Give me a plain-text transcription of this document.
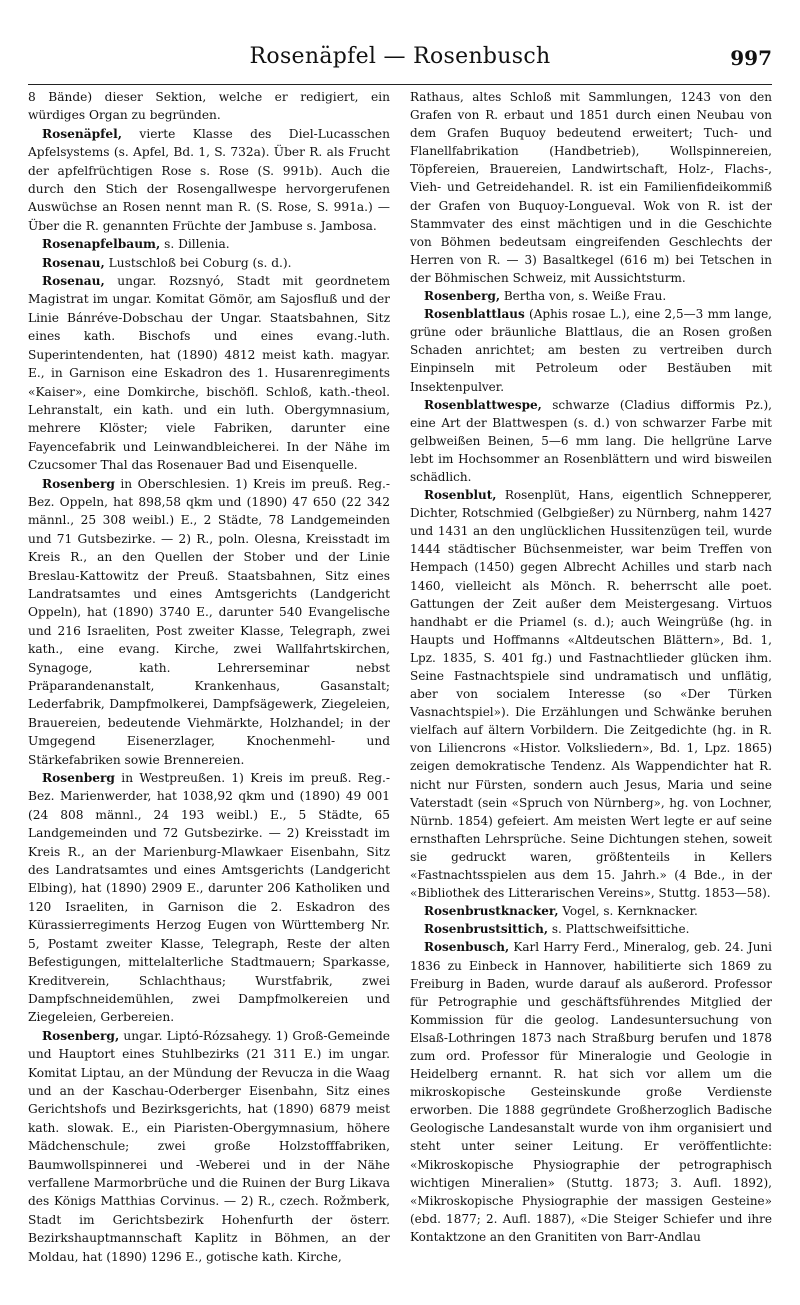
Rosenäpfel — Rosenbusch	997

8 Bände) dieser Sektion, welche er redigiert, ein würdiges Organ zu begründen.

Rosenäpfel, vierte Klasse des Diel-Lucasschen Apfelsystems (s. Apfel, Bd. 1, S. 732a). Über R. als Frucht der apfelfrüchtigen Rose s. Rose (S. 991b). Auch die durch den Stich der Rosengallwespe hervorgerufenen Auswüchse an Rosen nennt man R. (S. Rose, S. 991a.) — Über die R. genannten Früchte der Jambuse s. Jambosa.

Rosenapfelbaum, s. Dillenia.

Rosenau, Lustschloß bei Coburg (s. d.).

Rosenau, ungar. Rozsnyó, Stadt mit geordnetem Magistrat im ungar. Komitat Gömör, am Sajosfluß und der Linie Bánréve-Dobschau der Ungar. Staatsbahnen, Sitz eines kath. Bischofs und eines evang.-luth. Superintendenten, hat (1890) 4812 meist kath. magyar. E., in Garnison eine Eskadron des 1. Husarenregiments «Kaiser», eine Domkirche, bischöfl. Schloß, kath.-theol. Lehranstalt, ein kath. und ein luth. Obergymnasium, mehrere Klöster; viele Fabriken, darunter eine Fayencefabrik und Leinwandbleicherei. In der Nähe im Czucsomer Thal das Rosenauer Bad und Eisenquelle.

Rosenberg in Oberschlesien. 1) Kreis im preuß. Reg.-Bez. Oppeln, hat 898,58 qkm und (1890) 47 650 (22 342 männl., 25 308 weibl.) E., 2 Städte, 78 Landgemeinden und 71 Gutsbezirke. — 2) R., poln. Olesna, Kreisstadt im Kreis R., an den Quellen der Stober und der Linie Breslau-Kattowitz der Preuß. Staatsbahnen, Sitz eines Landratsamtes und eines Amtsgerichts (Landgericht Oppeln), hat (1890) 3740 E., darunter 540 Evangelische und 216 Israeliten, Post zweiter Klasse, Telegraph, zwei kath., eine evang. Kirche, zwei Wallfahrtskirchen, Synagoge, kath. Lehrerseminar nebst Präparandenanstalt, Krankenhaus, Gasanstalt; Lederfabrik, Dampfmolkerei, Dampfsägewerk, Ziegeleien, Brauereien, bedeutende Viehmärkte, Holzhandel; in der Umgegend Eisenerzlager, Knochenmehl- und Stärkefabriken sowie Brennereien.

Rosenberg in Westpreußen. 1) Kreis im preuß. Reg.-Bez. Marienwerder, hat 1038,92 qkm und (1890) 49 001 (24 808 männl., 24 193 weibl.) E., 5 Städte, 65 Landgemeinden und 72 Gutsbezirke. — 2) Kreisstadt im Kreis R., an der Marienburg-Mlawkaer Eisenbahn, Sitz des Landratsamtes und eines Amtsgerichts (Landgericht Elbing), hat (1890) 2909 E., darunter 206 Katholiken und 120 Israeliten, in Garnison die 2. Eskadron des Kürassierregiments Herzog Eugen von Württemberg Nr. 5, Postamt zweiter Klasse, Telegraph, Reste der alten Befestigungen, mittelalterliche Stadtmauern; Sparkasse, Kreditverein, Schlachthaus; Wurstfabrik, zwei Dampfschneidemühlen, zwei Dampfmolkereien und Ziegeleien, Gerbereien.

Rosenberg, ungar. Liptó-Rózsahegy. 1) Groß-Gemeinde und Hauptort eines Stuhlbezirks (21 311 E.) im ungar. Komitat Liptau, an der Mündung der Revucza in die Waag und an der Kaschau-Oderberger Eisenbahn, Sitz eines Gerichtshofs und Bezirksgerichts, hat (1890) 6879 meist kath. slowak. E., ein Piaristen-Obergymnasium, höhere Mädchenschule; zwei große Holzstofffabriken, Baumwollspinnerei und -Weberei und in der Nähe verfallene Marmorbrüche und die Ruinen der Burg Likava des Königs Matthias Corvinus. — 2) R., czech. Rožmberk, Stadt im Gerichtsbezirk Hohenfurth der österr. Bezirkshauptmannschaft Kaplitz in Böhmen, an der Moldau, hat (1890) 1296 E., gotische kath. Kirche,

Rathaus, altes Schloß mit Sammlungen, 1243 von den Grafen von R. erbaut und 1851 durch einen Neubau von dem Grafen Buquoy bedeutend erweitert; Tuch- und Flanellfabrikation (Handbetrieb), Wollspinnereien, Töpfereien, Brauereien, Landwirtschaft, Holz-, Flachs-, Vieh- und Getreidehandel. R. ist ein Familienfideikommiß der Grafen von Buquoy-Longueval. Wok von R. ist der Stammvater des einst mächtigen und in die Geschichte von Böhmen bedeutsam eingreifenden Geschlechts der Herren von R. — 3) Basaltkegel (616 m) bei Tetschen in der Böhmischen Schweiz, mit Aussichtsturm.

Rosenberg, Bertha von, s. Weiße Frau.

Rosenblattlaus (Aphis rosae L.), eine 2,5—3 mm lange, grüne oder bräunliche Blattlaus, die an Rosen großen Schaden anrichtet; am besten zu vertreiben durch Einpinseln mit Petroleum oder Bestäuben mit Insektenpulver.

Rosenblattwespe, schwarze (Cladius difformis Pz.), eine Art der Blattwespen (s. d.) von schwarzer Farbe mit gelbweißen Beinen, 5—6 mm lang. Die hellgrüne Larve lebt im Hochsommer an Rosenblättern und wird bisweilen schädlich.

Rosenblut, Rosenplüt, Hans, eigentlich Schnepperer, Dichter, Rotschmied (Gelbgießer) zu Nürnberg, nahm 1427 und 1431 an den unglücklichen Hussitenzügen teil, wurde 1444 städtischer Büchsenmeister, war beim Treffen von Hempach (1450) gegen Albrecht Achilles und starb nach 1460, vielleicht als Mönch. R. beherrscht alle poet. Gattungen der Zeit außer dem Meistergesang. Virtuos handhabt er die Priamel (s. d.); auch Weingrüße (hg. in Haupts und Hoffmanns «Altdeutschen Blättern», Bd. 1, Lpz. 1835, S. 401 fg.) und Fastnachtlieder glücken ihm. Seine Fastnachtspiele sind undramatisch und unflätig, aber von socialem Interesse (so «Der Türken Vasnachtspiel»). Die Erzählungen und Schwänke beruhen vielfach auf ältern Vorbildern. Die Zeitgedichte (hg. in R. von Liliencrons «Histor. Volksliedern», Bd. 1, Lpz. 1865) zeigen demokratische Tendenz. Als Wappendichter hat R. nicht nur Fürsten, sondern auch Jesus, Maria und seine Vaterstadt (sein «Spruch von Nürnberg», hg. von Lochner, Nürnb. 1854) gefeiert. Am meisten Wert legte er auf seine ernsthaften Lehrsprüche. Seine Dichtungen stehen, soweit sie gedruckt waren, größtenteils in Kellers «Fastnachtsspielen aus dem 15. Jahrh.» (4 Bde., in der «Bibliothek des Litterarischen Vereins», Stuttg. 1853—58).

Rosenbrustknacker, Vogel, s. Kernknacker.

Rosenbrustsittich, s. Plattschweifsittiche.

Rosenbusch, Karl Harry Ferd., Mineralog, geb. 24. Juni 1836 zu Einbeck in Hannover, habilitierte sich 1869 zu Freiburg in Baden, wurde darauf als außerord. Professor für Petrographie und geschäftsführendes Mitglied der Kommission für die geolog. Landesuntersuchung von Elsaß-Lothringen 1873 nach Straßburg berufen und 1878 zum ord. Professor für Mineralogie und Geologie in Heidelberg ernannt. R. hat sich vor allem um die mikroskopische Gesteinskunde große Verdienste erworben. Die 1888 gegründete Großherzoglich Badische Geologische Landesanstalt wurde von ihm organisiert und steht unter seiner Leitung. Er veröffentlichte: «Mikroskopische Physiographie der petrographisch wichtigen Mineralien» (Stuttg. 1873; 3. Aufl. 1892), «Mikroskopische Physiographie der massigen Gesteine» (ebd. 1877; 2. Aufl. 1887), «Die Steiger Schiefer und ihre Kontaktzone an den Granititen von Barr-Andlau
